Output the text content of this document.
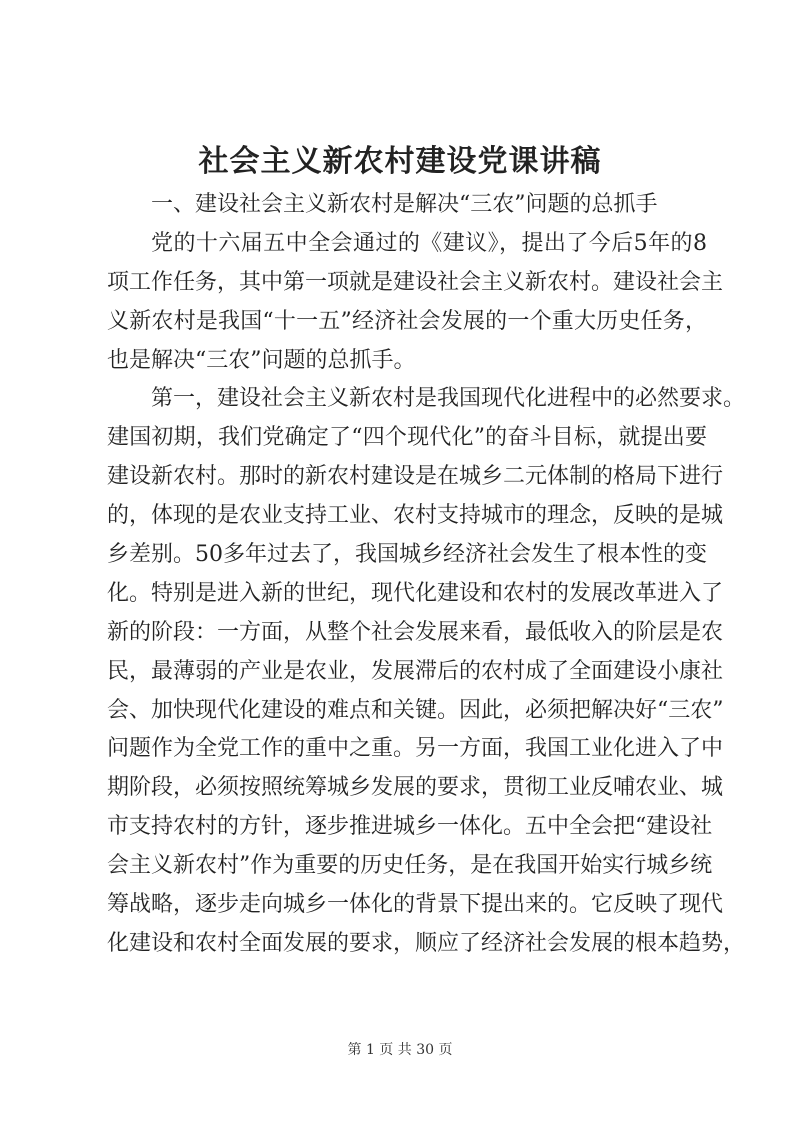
社会主义新农村建设党课讲稿
一、建设社会主义新农村是解决“三农”问题的总抓手
党的十六届五中全会通过的《建议》，提出了今后5年的8
项工作任务，其中第一项就是建设社会主义新农村。建设社会主
义新农村是我国“十一五”经济社会发展的一个重大历史任务，
也是解决“三农”问题的总抓手。
第一，建设社会主义新农村是我国现代化进程中的必然要求。
建国初期，我们党确定了“四个现代化”的奋斗目标，就提出要
建设新农村。那时的新农村建设是在城乡二元体制的格局下进行
的，体现的是农业支持工业、农村支持城市的理念，反映的是城
乡差别。50多年过去了，我国城乡经济社会发生了根本性的变
化。特别是进入新的世纪，现代化建设和农村的发展改革进入了
新的阶段：一方面，从整个社会发展来看，最低收入的阶层是农
民，最薄弱的产业是农业，发展滞后的农村成了全面建设小康社
会、加快现代化建设的难点和关键。因此，必须把解决好“三农”
问题作为全党工作的重中之重。另一方面，我国工业化进入了中
期阶段，必须按照统筹城乡发展的要求，贯彻工业反哺农业、城
市支持农村的方针，逐步推进城乡一体化。五中全会把“建设社
会主义新农村”作为重要的历史任务，是在我国开始实行城乡统
筹战略，逐步走向城乡一体化的背景下提出来的。它反映了现代
化建设和农村全面发展的要求，顺应了经济社会发展的根本趋势，
第 1 页 共 30 页
